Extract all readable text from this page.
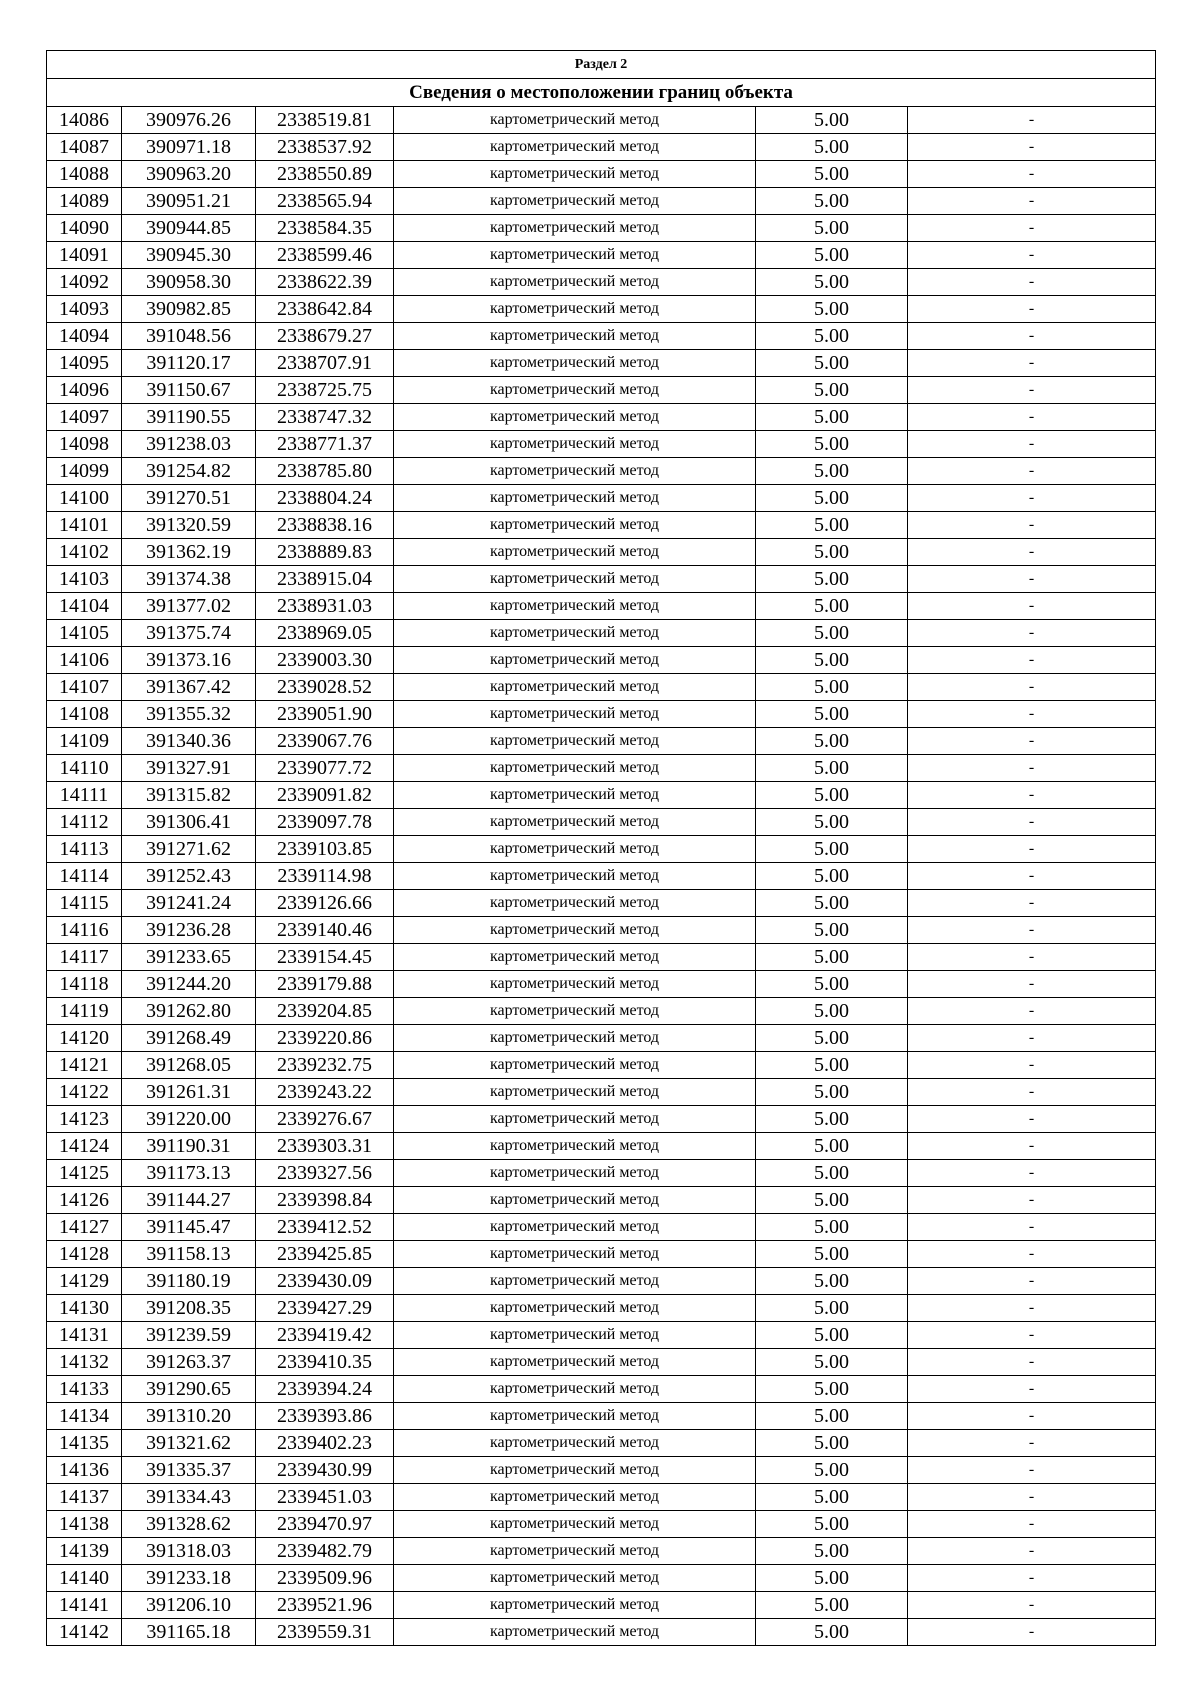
Раздел 2					
Сведения о местоположении границ объекта					
14086	390976.26	2338519.81	картометрический метод	5.00	-
14087	390971.18	2338537.92	картометрический метод	5.00	-
14088	390963.20	2338550.89	картометрический метод	5.00	-
14089	390951.21	2338565.94	картометрический метод	5.00	-
14090	390944.85	2338584.35	картометрический метод	5.00	-
14091	390945.30	2338599.46	картометрический метод	5.00	-
14092	390958.30	2338622.39	картометрический метод	5.00	-
14093	390982.85	2338642.84	картометрический метод	5.00	-
14094	391048.56	2338679.27	картометрический метод	5.00	-
14095	391120.17	2338707.91	картометрический метод	5.00	-
14096	391150.67	2338725.75	картометрический метод	5.00	-
14097	391190.55	2338747.32	картометрический метод	5.00	-
14098	391238.03	2338771.37	картометрический метод	5.00	-
14099	391254.82	2338785.80	картометрический метод	5.00	-
14100	391270.51	2338804.24	картометрический метод	5.00	-
14101	391320.59	2338838.16	картометрический метод	5.00	-
14102	391362.19	2338889.83	картометрический метод	5.00	-
14103	391374.38	2338915.04	картометрический метод	5.00	-
14104	391377.02	2338931.03	картометрический метод	5.00	-
14105	391375.74	2338969.05	картометрический метод	5.00	-
14106	391373.16	2339003.30	картометрический метод	5.00	-
14107	391367.42	2339028.52	картометрический метод	5.00	-
14108	391355.32	2339051.90	картометрический метод	5.00	-
14109	391340.36	2339067.76	картометрический метод	5.00	-
14110	391327.91	2339077.72	картометрический метод	5.00	-
14111	391315.82	2339091.82	картометрический метод	5.00	-
14112	391306.41	2339097.78	картометрический метод	5.00	-
14113	391271.62	2339103.85	картометрический метод	5.00	-
14114	391252.43	2339114.98	картометрический метод	5.00	-
14115	391241.24	2339126.66	картометрический метод	5.00	-
14116	391236.28	2339140.46	картометрический метод	5.00	-
14117	391233.65	2339154.45	картометрический метод	5.00	-
14118	391244.20	2339179.88	картометрический метод	5.00	-
14119	391262.80	2339204.85	картометрический метод	5.00	-
14120	391268.49	2339220.86	картометрический метод	5.00	-
14121	391268.05	2339232.75	картометрический метод	5.00	-
14122	391261.31	2339243.22	картометрический метод	5.00	-
14123	391220.00	2339276.67	картометрический метод	5.00	-
14124	391190.31	2339303.31	картометрический метод	5.00	-
14125	391173.13	2339327.56	картометрический метод	5.00	-
14126	391144.27	2339398.84	картометрический метод	5.00	-
14127	391145.47	2339412.52	картометрический метод	5.00	-
14128	391158.13	2339425.85	картометрический метод	5.00	-
14129	391180.19	2339430.09	картометрический метод	5.00	-
14130	391208.35	2339427.29	картометрический метод	5.00	-
14131	391239.59	2339419.42	картометрический метод	5.00	-
14132	391263.37	2339410.35	картометрический метод	5.00	-
14133	391290.65	2339394.24	картометрический метод	5.00	-
14134	391310.20	2339393.86	картометрический метод	5.00	-
14135	391321.62	2339402.23	картометрический метод	5.00	-
14136	391335.37	2339430.99	картометрический метод	5.00	-
14137	391334.43	2339451.03	картометрический метод	5.00	-
14138	391328.62	2339470.97	картометрический метод	5.00	-
14139	391318.03	2339482.79	картометрический метод	5.00	-
14140	391233.18	2339509.96	картометрический метод	5.00	-
14141	391206.10	2339521.96	картометрический метод	5.00	-
14142	391165.18	2339559.31	картометрический метод	5.00	-
